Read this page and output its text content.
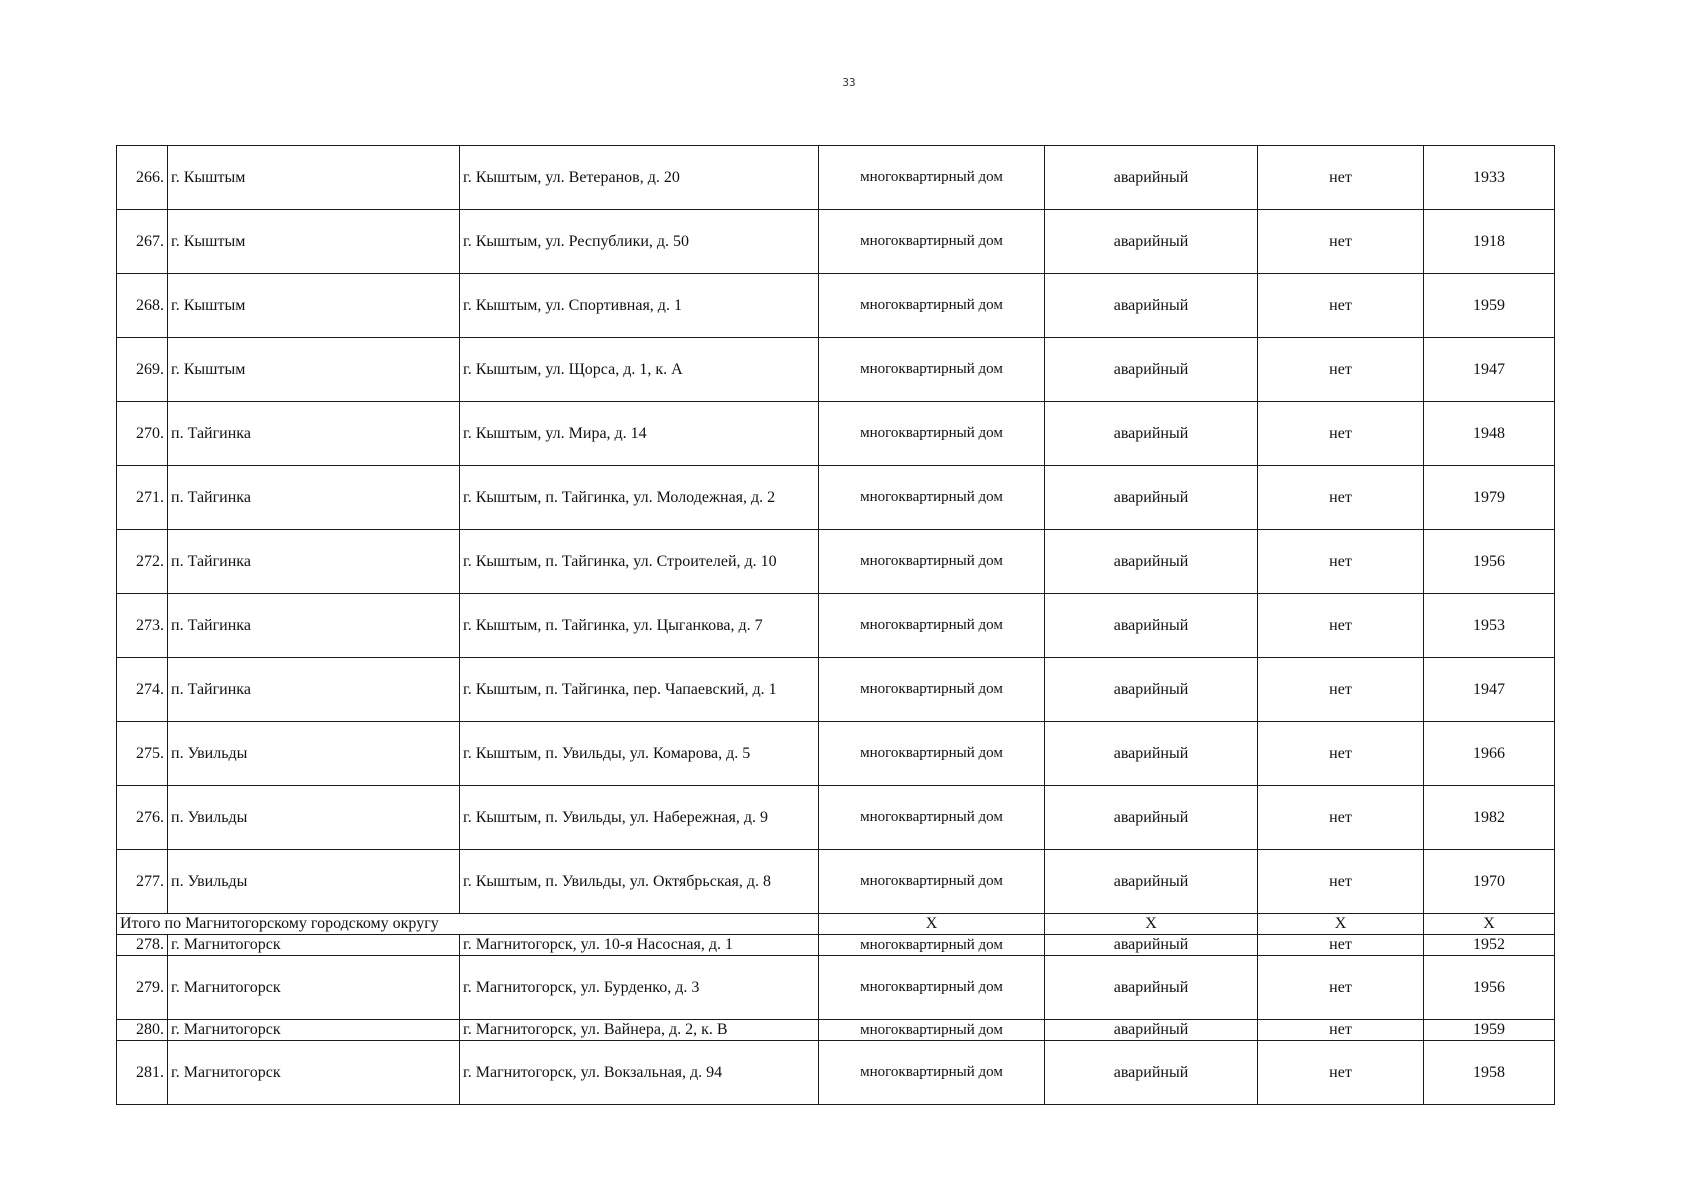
33
266.	г. Кыштым	г. Кыштым, ул. Ветеранов, д. 20	многоквартирный дом	аварийный	нет	1933
267.	г. Кыштым	г. Кыштым, ул. Республики, д. 50	многоквартирный дом	аварийный	нет	1918
268.	г. Кыштым	г. Кыштым, ул. Спортивная, д. 1	многоквартирный дом	аварийный	нет	1959
269.	г. Кыштым	г. Кыштым, ул. Щорса, д. 1, к. А	многоквартирный дом	аварийный	нет	1947
270.	п. Тайгинка	г. Кыштым, ул. Мира, д. 14	многоквартирный дом	аварийный	нет	1948
271.	п. Тайгинка	г. Кыштым, п. Тайгинка, ул. Молодежная, д. 2	многоквартирный дом	аварийный	нет	1979
272.	п. Тайгинка	г. Кыштым, п. Тайгинка, ул. Строителей, д. 10	многоквартирный дом	аварийный	нет	1956
273.	п. Тайгинка	г. Кыштым, п. Тайгинка, ул. Цыганкова, д. 7	многоквартирный дом	аварийный	нет	1953
274.	п. Тайгинка	г. Кыштым, п. Тайгинка, пер. Чапаевский, д. 1	многоквартирный дом	аварийный	нет	1947
275.	п. Увильды	г. Кыштым, п. Увильды, ул. Комарова, д. 5	многоквартирный дом	аварийный	нет	1966
276.	п. Увильды	г. Кыштым, п. Увильды, ул. Набережная, д. 9	многоквартирный дом	аварийный	нет	1982
277.	п. Увильды	г. Кыштым, п. Увильды, ул. Октябрьская, д. 8	многоквартирный дом	аварийный	нет	1970
Итого по Магнитогорскому городскому округу			Х	Х	Х	Х
278.	г. Магнитогорск	г. Магнитогорск, ул. 10-я Насосная, д. 1	многоквартирный дом	аварийный	нет	1952
279.	г. Магнитогорск	г. Магнитогорск, ул. Бурденко, д. 3	многоквартирный дом	аварийный	нет	1956
280.	г. Магнитогорск	г. Магнитогорск, ул. Вайнера, д. 2, к. В	многоквартирный дом	аварийный	нет	1959
281.	г. Магнитогорск	г. Магнитогорск, ул. Вокзальная, д. 94	многоквартирный дом	аварийный	нет	1958
